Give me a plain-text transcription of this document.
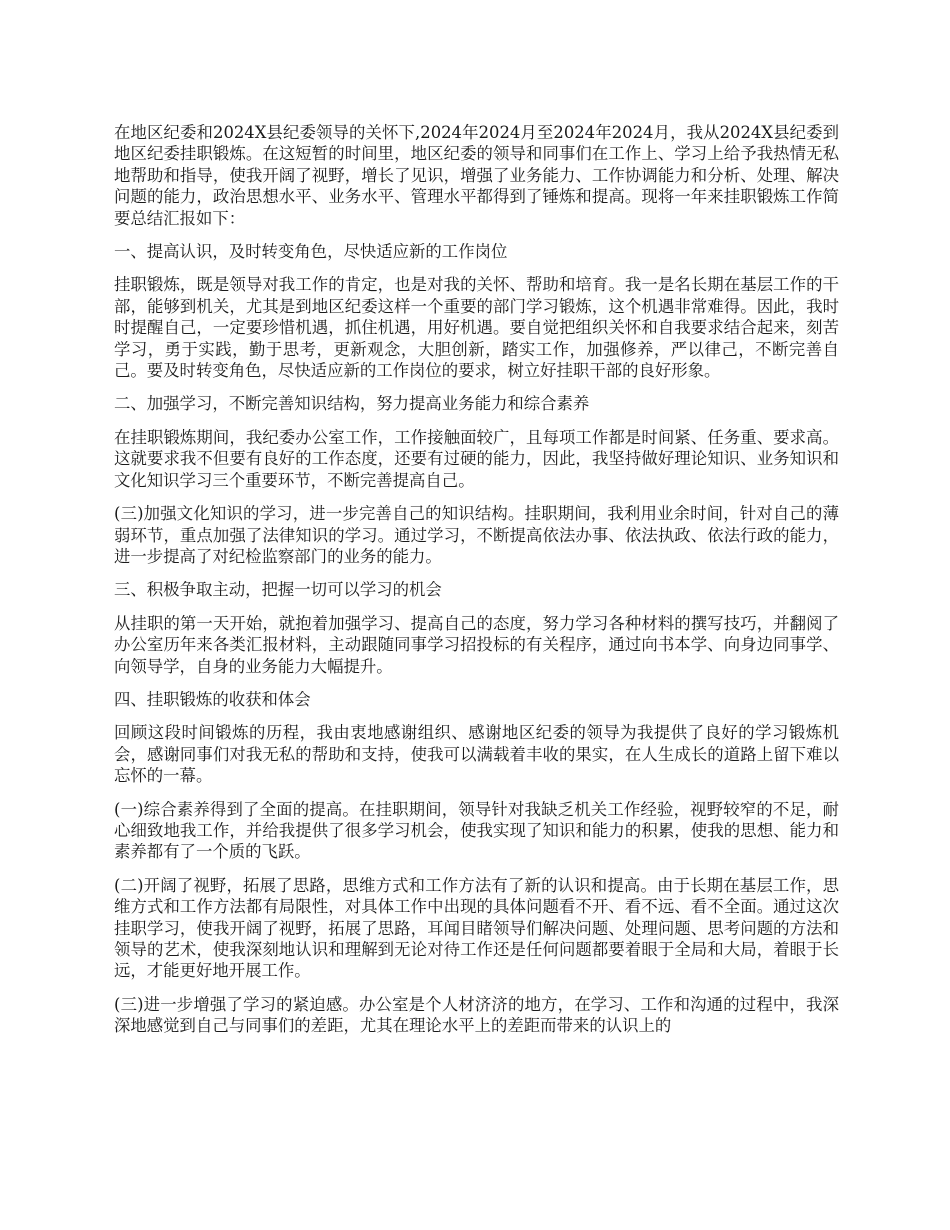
在地区纪委和2024X县纪委领导的关怀下,2024年2024月至2024年2024月，我从2024X县纪委到地区纪委挂职锻炼。在这短暂的时间里，地区纪委的领导和同事们在工作上、学习上给予我热情无私地帮助和指导，使我开阔了视野，增长了见识，增强了业务能力、工作协调能力和分析、处理、解决问题的能力，政治思想水平、业务水平、管理水平都得到了锤炼和提高。现将一年来挂职锻炼工作简要总结汇报如下：

一、提高认识，及时转变角色，尽快适应新的工作岗位

挂职锻炼，既是领导对我工作的肯定，也是对我的关怀、帮助和培育。我一是名长期在基层工作的干部，能够到机关，尤其是到地区纪委这样一个重要的部门学习锻炼，这个机遇非常难得。因此，我时时提醒自己，一定要珍惜机遇，抓住机遇，用好机遇。要自觉把组织关怀和自我要求结合起来，刻苦学习，勇于实践，勤于思考，更新观念，大胆创新，踏实工作，加强修养，严以律己，不断完善自己。要及时转变角色，尽快适应新的工作岗位的要求，树立好挂职干部的良好形象。

二、加强学习，不断完善知识结构，努力提高业务能力和综合素养

在挂职锻炼期间，我纪委办公室工作，工作接触面较广，且每项工作都是时间紧、任务重、要求高。这就要求我不但要有良好的工作态度，还要有过硬的能力，因此，我坚持做好理论知识、业务知识和文化知识学习三个重要环节，不断完善提高自己。

(三)加强文化知识的学习，进一步完善自己的知识结构。挂职期间，我利用业余时间，针对自己的薄弱环节，重点加强了法律知识的学习。通过学习，不断提高依法办事、依法执政、依法行政的能力，进一步提高了对纪检监察部门的业务的能力。

三、积极争取主动，把握一切可以学习的机会

从挂职的第一天开始，就抱着加强学习、提高自己的态度，努力学习各种材料的撰写技巧，并翻阅了办公室历年来各类汇报材料，主动跟随同事学习招投标的有关程序，通过向书本学、向身边同事学、向领导学，自身的业务能力大幅提升。

四、挂职锻炼的收获和体会

回顾这段时间锻炼的历程，我由衷地感谢组织、感谢地区纪委的领导为我提供了良好的学习锻炼机会，感谢同事们对我无私的帮助和支持，使我可以满载着丰收的果实，在人生成长的道路上留下难以忘怀的一幕。

(一)综合素养得到了全面的提高。在挂职期间，领导针对我缺乏机关工作经验，视野较窄的不足，耐心细致地我工作，并给我提供了很多学习机会，使我实现了知识和能力的积累，使我的思想、能力和素养都有了一个质的飞跃。

(二)开阔了视野，拓展了思路，思维方式和工作方法有了新的认识和提高。由于长期在基层工作，思维方式和工作方法都有局限性，对具体工作中出现的具体问题看不开、看不远、看不全面。通过这次挂职学习，使我开阔了视野，拓展了思路，耳闻目睹领导们解决问题、处理问题、思考问题的方法和领导的艺术，使我深刻地认识和理解到无论对待工作还是任何问题都要着眼于全局和大局，着眼于长远，才能更好地开展工作。

(三)进一步增强了学习的紧迫感。办公室是个人材济济的地方，在学习、工作和沟通的过程中，我深深地感觉到自己与同事们的差距，尤其在理论水平上的差距而带来的认识上的
